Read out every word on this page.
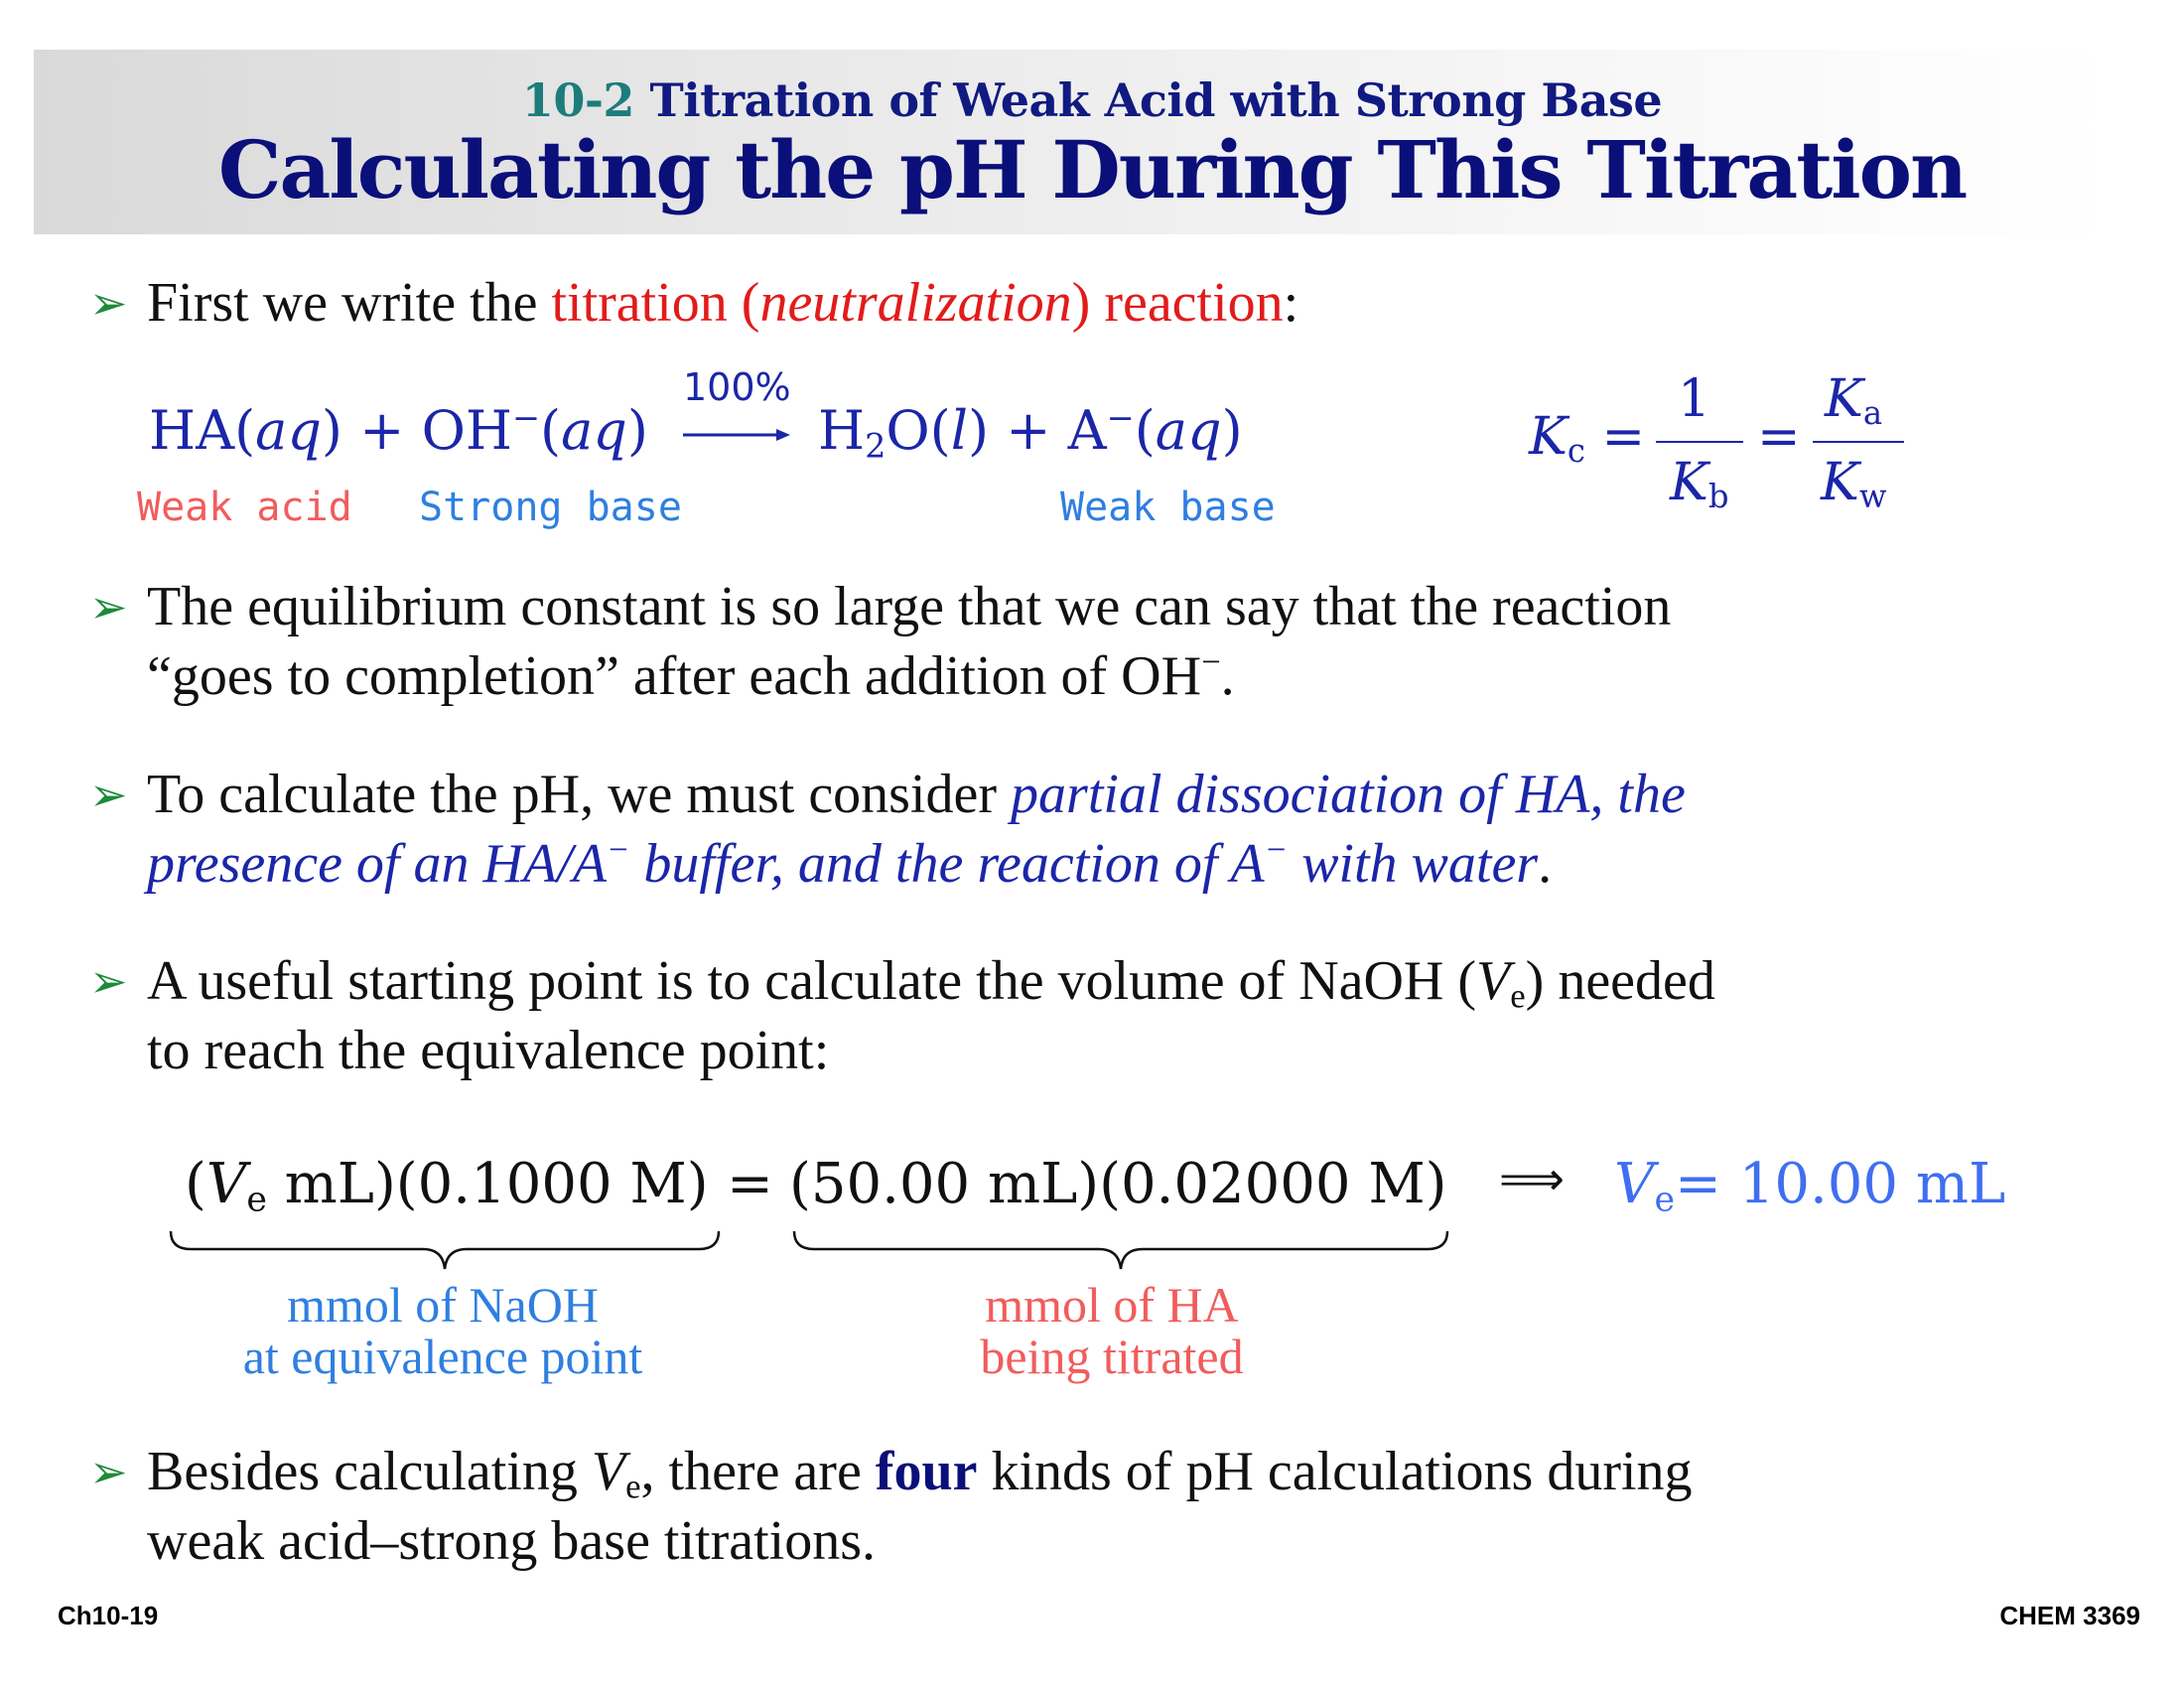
10-2 Titration of Weak Acid with Strong Base
Calculating the pH During This Titration
➢ First we write the titration (neutralization) reaction:
HA(aq) + OH−(aq)
100%
$H_2O(l) + A^-(aq)$
Weak acid Strong base	Weak base
$K_c$ =
1
$K_b$
=
$K_a$
$K_w$
➢ The equilibrium constant is so large that we can say that the reaction
“goes to completion” after each addition of OH−.
➢ To calculate the pH, we must consider partial dissociation of HA, the
presence of an HA/A− buffer, and the reaction of A− with water.
➢ A useful starting point is to calculate the volume of NaOH $(V_e)$ needed
to reach the equivalence point:
($V_e$ mL)(0.1000 M) = (50.00 mL)(0.02000 M) ⟹ $V_e= 10.00$ mL
mmol of NaOH
at equivalence point
mmol of HA
being titrated
➢ Besides calculating $V_e$, there are four kinds of pH calculations during
weak acid–strong base titrations.
Ch10-19	CHEM 3369
